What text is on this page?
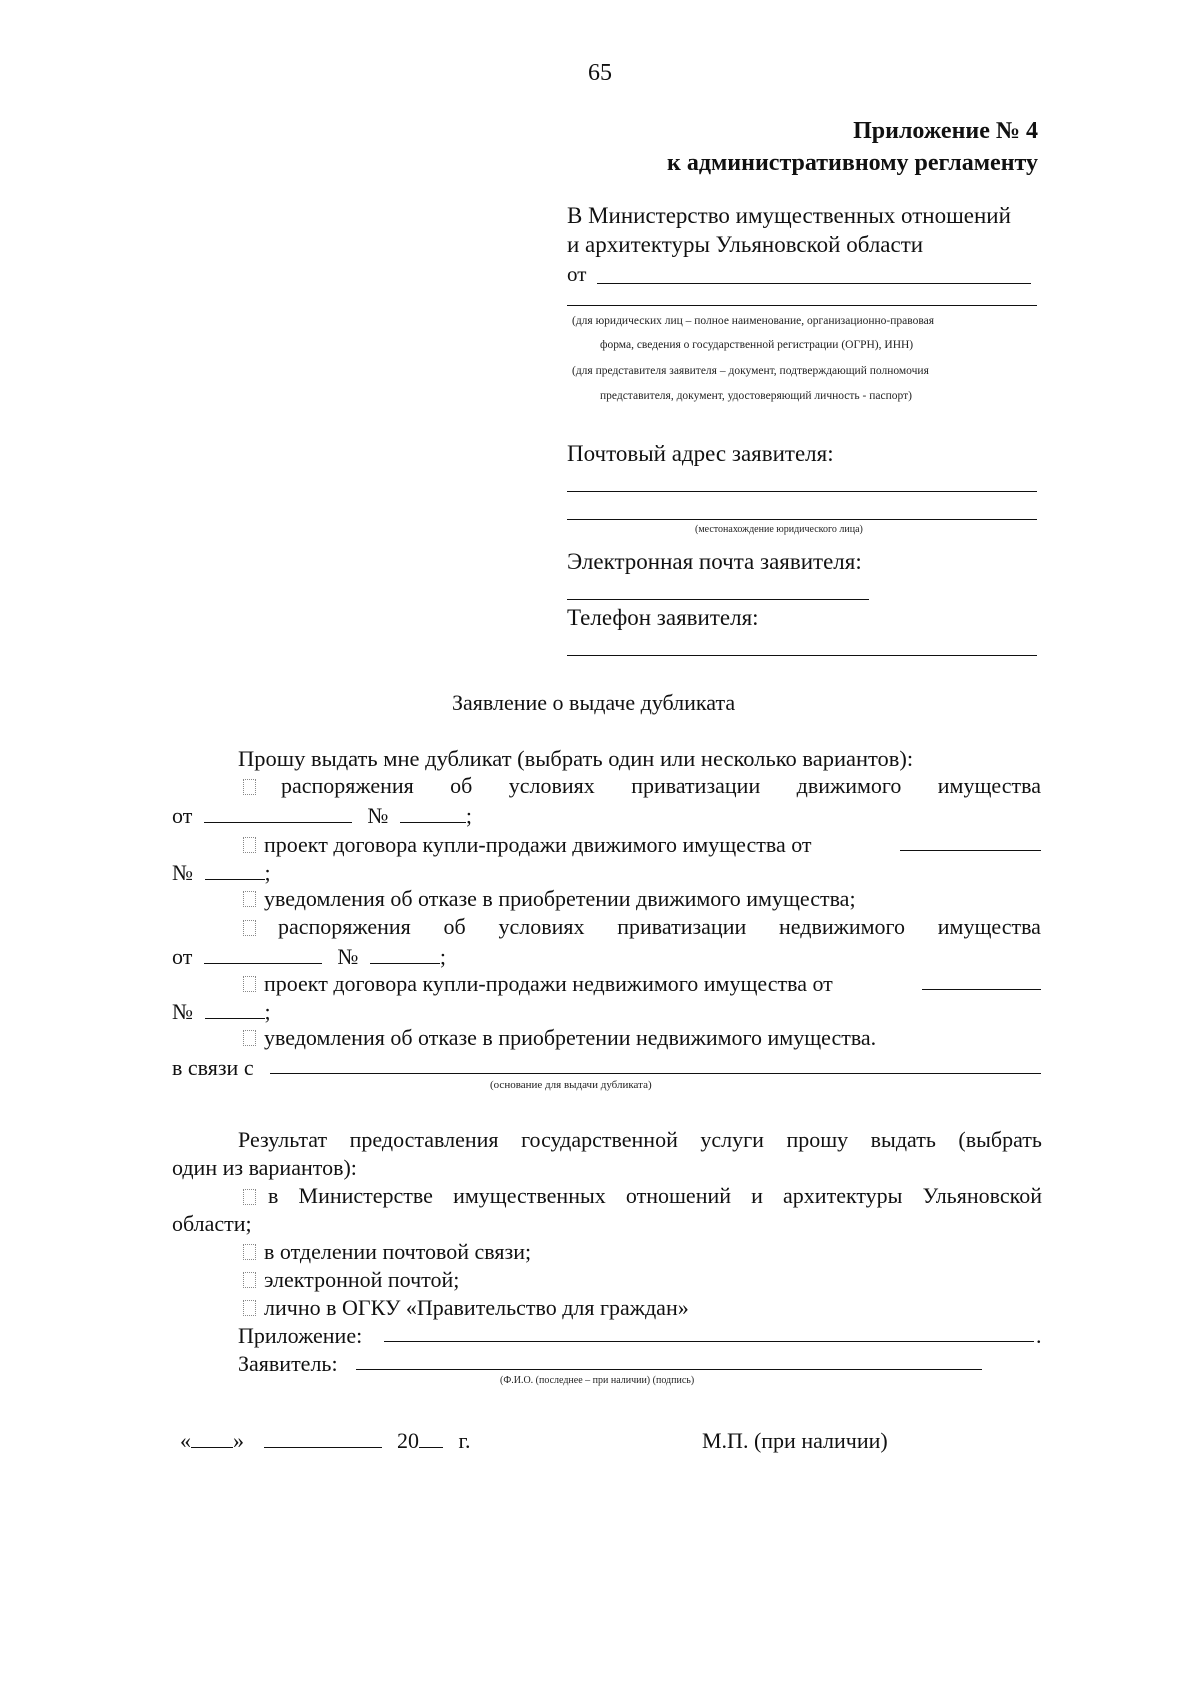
65
Приложение № 4
к административному регламенту
В Министерство имущественных отношений
и архитектуры Ульяновской области
от
(для юридических лиц – полное наименование, организационно-правовая
форма, сведения о государственной регистрации (ОГРН), ИНН)
(для представителя заявителя – документ, подтверждающий полномочия
представителя, документ, удостоверяющий личность - паспорт)
Почтовый адрес заявителя:
(местонахождение юридического лица)
Электронная почта заявителя:
Телефон заявителя:
Заявление о выдаче дубликата
Прошу выдать мне дубликат (выбрать один или несколько вариантов):
распоряжения об условиях приватизации движимого имущества
от	№	;
проект договора купли-продажи движимого имущества от
№	;
уведомления об отказе в приобретении движимого имущества;
распоряжения об условиях приватизации недвижимого имущества
от	№	;
проект договора купли-продажи недвижимого имущества от
№	;
уведомления об отказе в приобретении недвижимого имущества.
в связи с
(основание для выдачи дубликата)
Результат предоставления государственной услуги прошу выдать (выбрать
один из вариантов):
в Министерстве имущественных отношений и архитектуры Ульяновской
области;
в отделении почтовой связи;
электронной почтой;
лично в ОГКУ «Правительство для граждан»
Приложение:	.
Заявитель:
(Ф.И.О. (последнее – при наличии) (подпись)
« »	20 г.	М.П. (при наличии)
